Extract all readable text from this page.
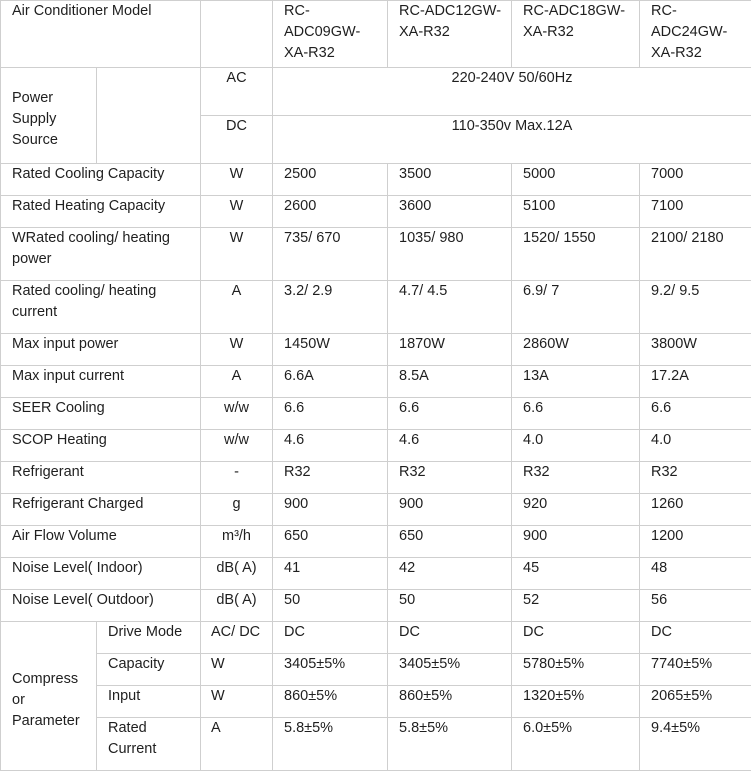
Air Conditioner Model			RC-
ADC09GW-
XA-R32	RC-ADC12GW-
XA-R32	RC-ADC18GW-
XA-R32	RC-
ADC24GW-
XA-R32

Power
Supply
Source		AC	220-240V 50/60Hz			

		DC	110-350v Max.12A			

Rated Cooling Capacity		W	2500	3500	5000	7000

Rated Heating Capacity		W	2600	3600	5100	7100

WRated cooling/ heating
power		W	735/ 670	1035/ 980	1520/ 1550	2100/ 2180

Rated cooling/ heating
current		A	3.2/ 2.9	4.7/ 4.5	6.9/ 7	9.2/ 9.5

Max input power		W	1450W	1870W	2860W	3800W

Max input current		A	6.6A	8.5A	13A	17.2A

SEER Cooling		w/w	6.6	6.6	6.6	6.6

SCOP Heating		w/w	4.6	4.6	4.0	4.0

Refrigerant		-	R32	R32	R32	R32

Refrigerant Charged		g	900	900	920	1260

Air Flow Volume		m³/h	650	650	900	1200

Noise Level( Indoor)		dB( A)	41	42	45	48

Noise Level( Outdoor)		dB( A)	50	50	52	56

Compress
or
Parameter	Drive Mode	AC/ DC	DC	DC	DC	DC

	Capacity	W	3405±5%	3405±5%	5780±5%	7740±5%

	Input	W	860±5%	860±5%	1320±5%	2065±5%

	Rated
Current	A	5.8±5%	5.8±5%	6.0±5%	9.4±5%
